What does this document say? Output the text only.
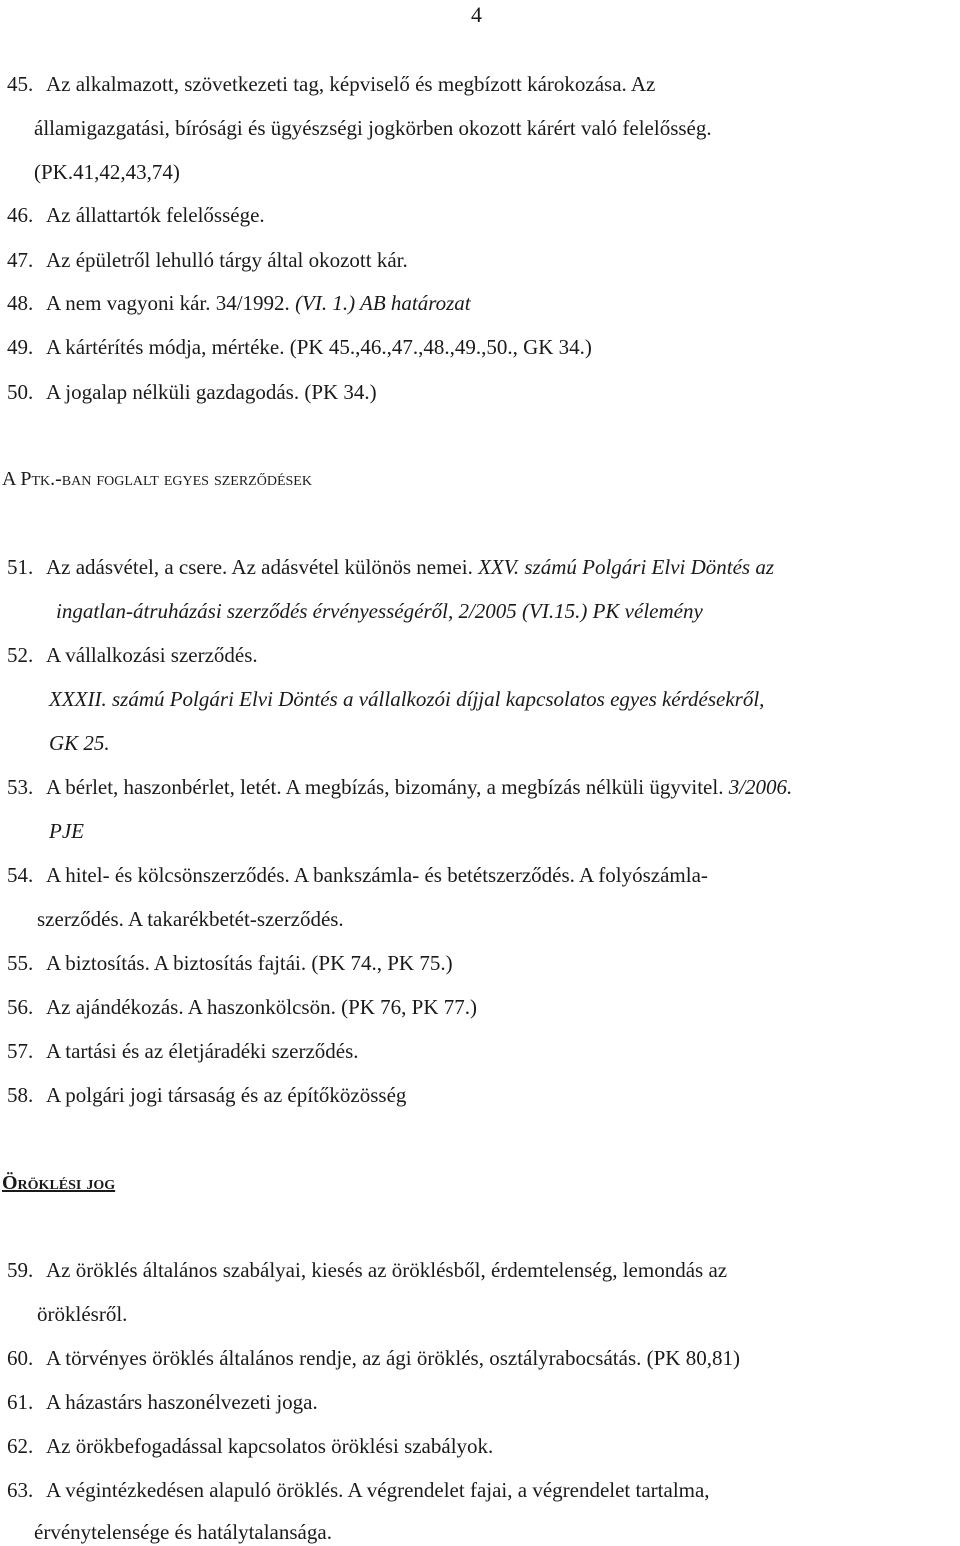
4
45. Az alkalmazott, szövetkezeti tag, képviselő és megbízott károkozása. Az
államigazgatási, bírósági és ügyészségi jogkörben okozott kárért való felelősség.
(PK.41,42,43,74)
46. Az állattartók felelőssége.
47. Az épületről lehulló tárgy által okozott kár.
48. A nem vagyoni kár. 34/1992. (VI. 1.) AB határozat
49. A kártérítés módja, mértéke. (PK 45.,46.,47.,48.,49.,50., GK 34.)
50. A jogalap nélküli gazdagodás. (PK 34.)
A Ptk.-ban foglalt egyes szerződések
51. Az adásvétel, a csere. Az adásvétel különös nemei. XXV. számú Polgári Elvi Döntés az
ingatlan-átruházási szerződés érvényességéről, 2/2005 (VI.15.) PK vélemény
52. A vállalkozási szerződés.
XXXII. számú Polgári Elvi Döntés a vállalkozói díjjal kapcsolatos egyes kérdésekről,
GK 25.
53. A bérlet, haszonbérlet, letét. A megbízás, bizomány, a megbízás nélküli ügyvitel. 3/2006.
PJE
54. A hitel- és kölcsönszerződés. A bankszámla- és betétszerződés. A folyószámla-
szerződés. A takarékbetét-szerződés.
55. A biztosítás. A biztosítás fajtái. (PK 74., PK 75.)
56. Az ajándékozás. A haszonkölcsön. (PK 76, PK 77.)
57. A tartási és az életjáradéki szerződés.
58. A polgári jogi társaság és az építőközösség
Öröklési jog
59. Az öröklés általános szabályai, kiesés az öröklésből, érdemtelenség, lemondás az
öröklésről.
60. A törvényes öröklés általános rendje, az ági öröklés, osztályrabocsátás. (PK 80,81)
61. A házastárs haszonélvezeti joga.
62. Az örökbefogadással kapcsolatos öröklési szabályok.
63. A végintézkedésen alapuló öröklés. A végrendelet fajai, a végrendelet tartalma,
érvénytelensége és hatálytalansága.
